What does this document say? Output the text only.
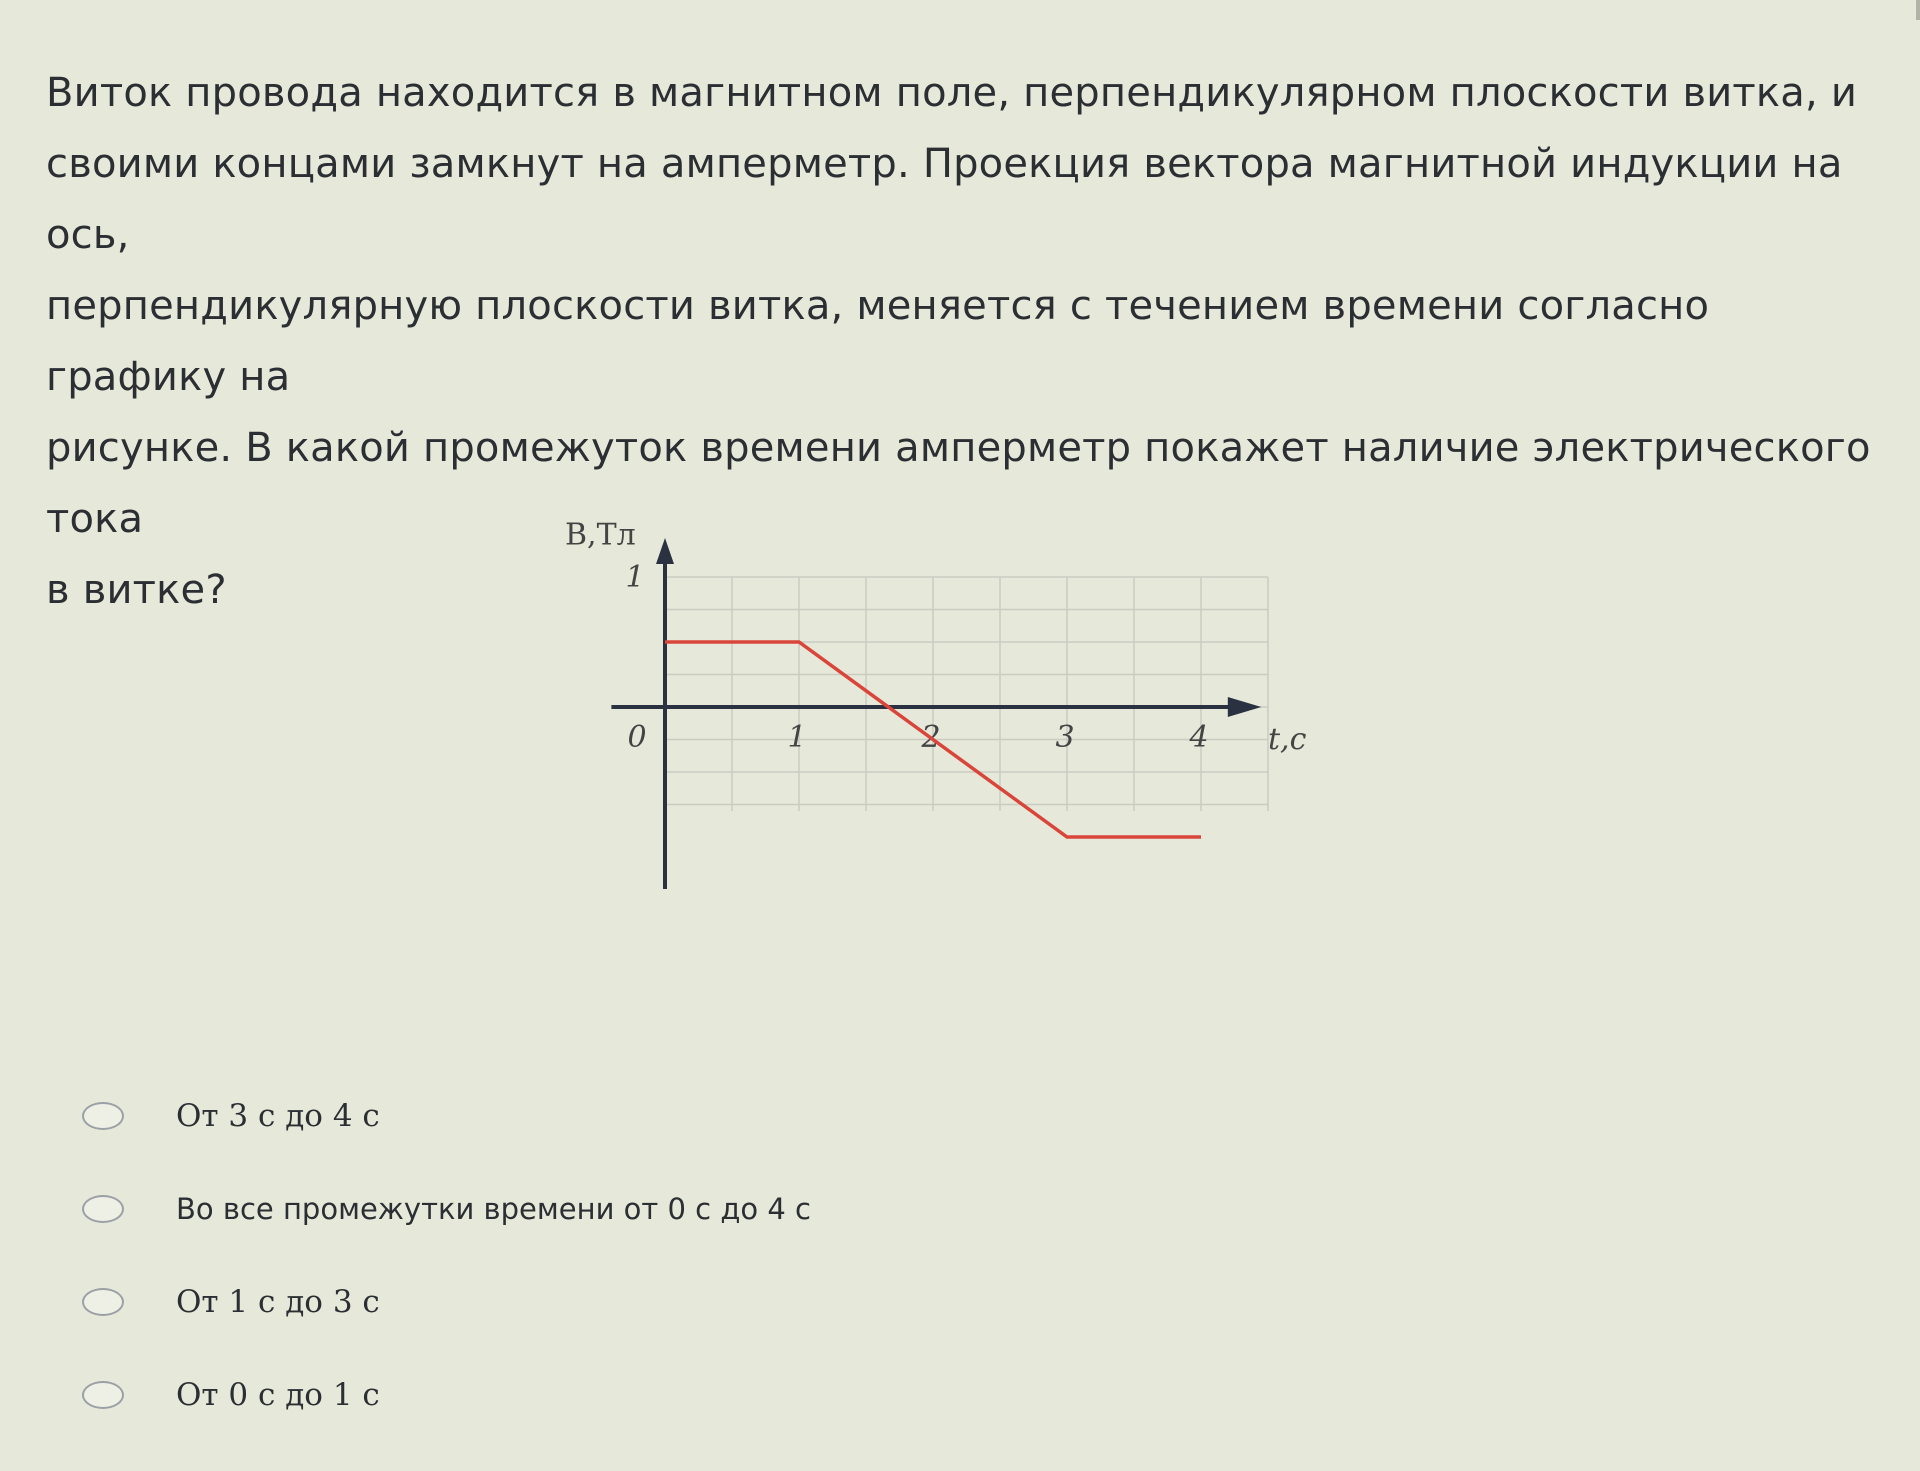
Виток провода находится в магнитном поле, перпендикулярном плоскости витка, и
своими концами замкнут на амперметр. Проекция вектора магнитной индукции на ось,
перпендикулярную плоскости витка, меняется с течением времени согласно графику на
рисунке. В какой промежуток времени амперметр покажет наличие электрического тока
в витке?
0	1	2	3	4
1
B,Тл
t,c
От 3 с до 4 с
Во все промежутки времени от 0 с до 4 с
От 1 с до 3 с
От 0 с до 1 с
